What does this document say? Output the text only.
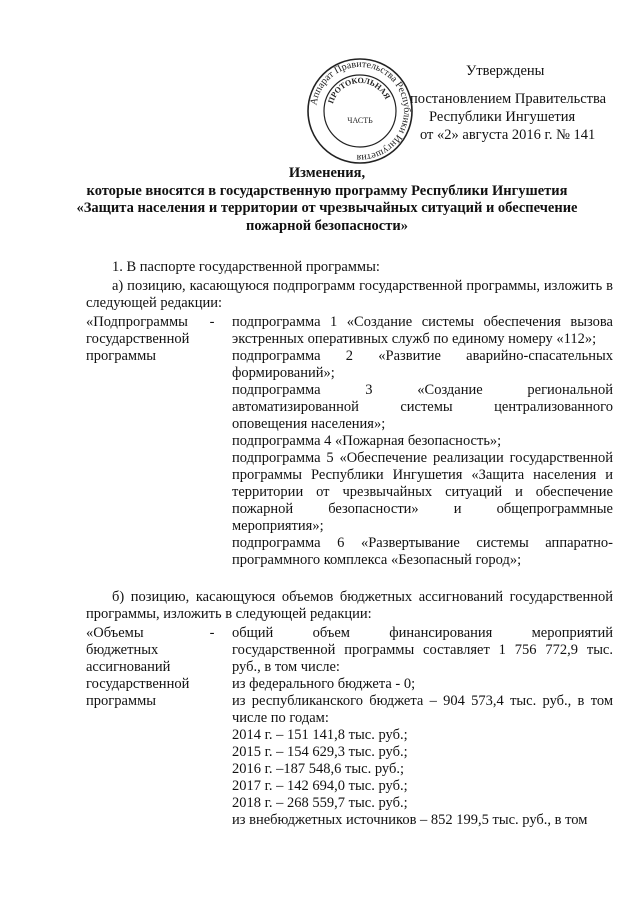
Аппарат Правительства Республики Ингушетия
ПРОТОКОЛЬНАЯ
ЧАСТЬ
Утверждены
постановлением Правительства
Республики Ингушетия
от «2» августа 2016 г. № 141
Изменения,
которые вносятся в государственную программу Республики Ингушетия
«Защита населения и территории от чрезвычайных ситуаций и обеспечение
пожарной безопасности»
1. В паспорте государственной программы:
а) позицию, касающуюся подпрограмм государственной программы, изложить в следующей редакции:
«Подпрограммы государственной программы
- подпрограмма 1 «Создание системы обеспечения вызова экстренных оперативных служб по единому номеру «112»;

подпрограмма 2 «Развитие аварийно-спасательных формирований»;

подпрограмма 3 «Создание региональной автоматизированной системы централизованного оповещения населения»;

подпрограмма 4 «Пожарная безопасность»;

подпрограмма 5 «Обеспечение реализации государственной программы Республики Ингушетия «Защита населения и территории от чрезвычайных ситуаций и обеспечение пожарной безопасности» и общепрограммные мероприятия»;

подпрограмма 6 «Развертывание системы аппаратно-программного комплекса «Безопасный город»;

б) позицию, касающуюся объемов бюджетных ассигнований государственной программы, изложить в следующей редакции:
«Объемы бюджетных ассигнований государственной программы
- общий объем финансирования мероприятий государственной программы составляет 1 756 772,9 тыс. руб., в том числе:

из федерального бюджета - 0;

из республиканского бюджета – 904 573,4 тыс. руб., в том числе по годам:

2014 г. – 151 141,8 тыс. руб.;

2015 г. – 154 629,3 тыс. руб.;

2016 г. –187 548,6 тыс. руб.;

2017 г. – 142 694,0 тыс. руб.;

2018 г. – 268 559,7 тыс. руб.;

из внебюджетных источников – 852 199,5 тыс. руб., в том
